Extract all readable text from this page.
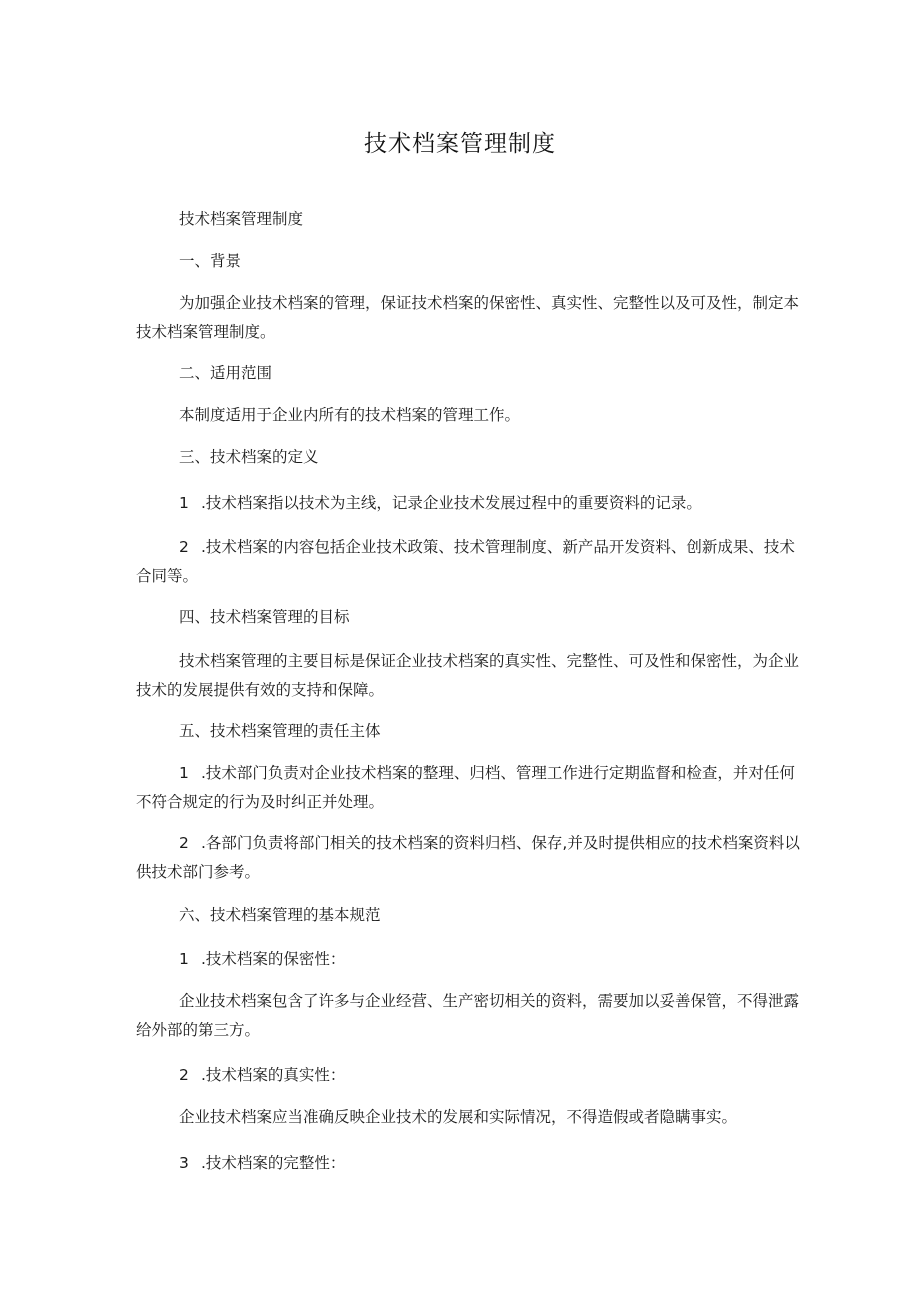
技术档案管理制度
技术档案管理制度
一、背景
为加强企业技术档案的管理，保证技术档案的保密性、真实性、完整性以及可及性，制定本
技术档案管理制度。
二、适用范围
本制度适用于企业内所有的技术档案的管理工作。
三、技术档案的定义
1 .技术档案指以技术为主线，记录企业技术发展过程中的重要资料的记录。
2 .技术档案的内容包括企业技术政策、技术管理制度、新产品开发资料、创新成果、技术
合同等。
四、技术档案管理的目标
技术档案管理的主要目标是保证企业技术档案的真实性、完整性、可及性和保密性，为企业
技术的发展提供有效的支持和保障。
五、技术档案管理的责任主体
1 .技术部门负责对企业技术档案的整理、归档、管理工作进行定期监督和检查，并对任何
不符合规定的行为及时纠正并处理。
2 .各部门负责将部门相关的技术档案的资料归档、保存,并及时提供相应的技术档案资料以
供技术部门参考。
六、技术档案管理的基本规范
1 .技术档案的保密性：
企业技术档案包含了许多与企业经营、生产密切相关的资料，需要加以妥善保管，不得泄露
给外部的第三方。
2 .技术档案的真实性：
企业技术档案应当准确反映企业技术的发展和实际情况，不得造假或者隐瞒事实。
3 .技术档案的完整性：
